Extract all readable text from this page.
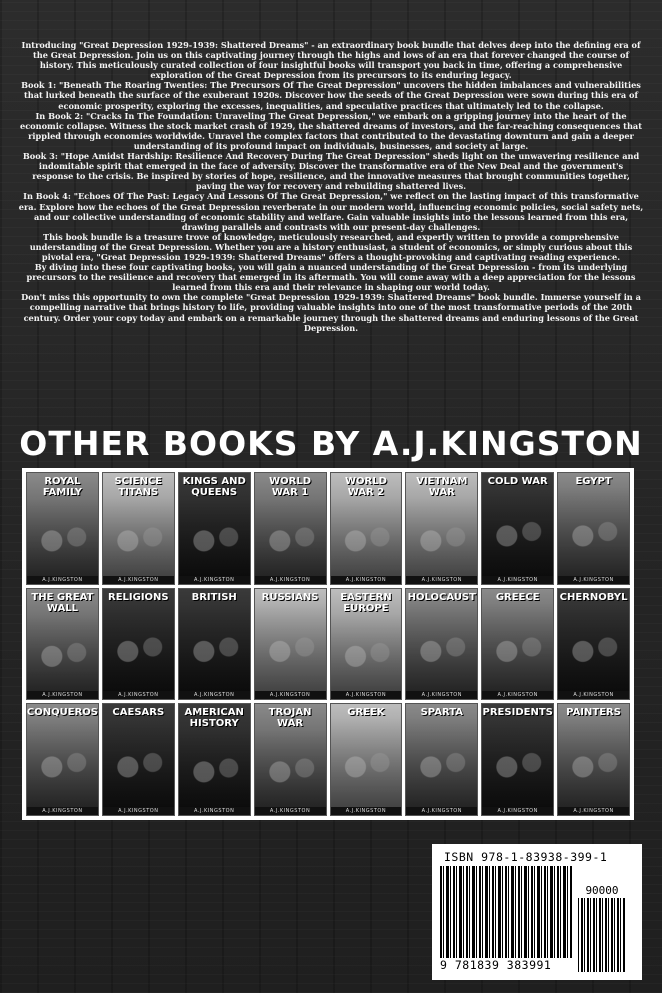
Introducing "Great Depression 1929-1939: Shattered Dreams" - an extraordinary book bundle that delves deep into the defining era of the Great Depression. Join us on this captivating journey through the highs and lows of an era that forever changed the course of history. This meticulously curated collection of four insightful books will transport you back in time, offering a comprehensive exploration of the Great Depression from its precursors to its enduring legacy.

Book 1: "Beneath The Roaring Twenties: The Precursors Of The Great Depression" uncovers the hidden imbalances and vulnerabilities that lurked beneath the surface of the exuberant 1920s. Discover how the seeds of the Great Depression were sown during this era of economic prosperity, exploring the excesses, inequalities, and speculative practices that ultimately led to the collapse.

In Book 2: "Cracks In The Foundation: Unraveling The Great Depression," we embark on a gripping journey into the heart of the economic collapse. Witness the stock market crash of 1929, the shattered dreams of investors, and the far-reaching consequences that rippled through economies worldwide. Unravel the complex factors that contributed to the devastating downturn and gain a deeper understanding of its profound impact on individuals, businesses, and society at large.

Book 3: "Hope Amidst Hardship: Resilience And Recovery During The Great Depression" sheds light on the unwavering resilience and indomitable spirit that emerged in the face of adversity. Discover the transformative era of the New Deal and the government's response to the crisis. Be inspired by stories of hope, resilience, and the innovative measures that brought communities together, paving the way for recovery and rebuilding shattered lives.

In Book 4: "Echoes Of The Past: Legacy And Lessons Of The Great Depression," we reflect on the lasting impact of this transformative era. Explore how the echoes of the Great Depression reverberate in our modern world, influencing economic policies, social safety nets, and our collective understanding of economic stability and welfare. Gain valuable insights into the lessons learned from this era, drawing parallels and contrasts with our present-day challenges.

This book bundle is a treasure trove of knowledge, meticulously researched, and expertly written to provide a comprehensive understanding of the Great Depression. Whether you are a history enthusiast, a student of economics, or simply curious about this pivotal era, "Great Depression 1929-1939: Shattered Dreams" offers a thought-provoking and captivating reading experience.

By diving into these four captivating books, you will gain a nuanced understanding of the Great Depression - from its underlying precursors to the resilience and recovery that emerged in its aftermath. You will come away with a deep appreciation for the lessons learned from this era and their relevance in shaping our world today.

Don't miss this opportunity to own the complete "Great Depression 1929-1939: Shattered Dreams" book bundle. Immerse yourself in a compelling narrative that brings history to life, providing valuable insights into one of the most transformative periods of the 20th century. Order your copy today and embark on a remarkable journey through the shattered dreams and enduring lessons of the Great Depression.

OTHER BOOKS BY A.J.KINGSTON
ROYAL FAMILY
A.J.KINGSTON
SCIENCE TITANS
A.J.KINGSTON
KINGS AND QUEENS
A.J.KINGSTON
WORLD WAR 1
A.J.KINGSTON
WORLD WAR 2
A.J.KINGSTON
VIETNAM WAR
A.J.KINGSTON
COLD WAR
A.J.KINGSTON
EGYPT
A.J.KINGSTON
THE GREAT WALL
A.J.KINGSTON
RELIGIONS
A.J.KINGSTON
BRITISH
A.J.KINGSTON
RUSSIANS
A.J.KINGSTON
EASTERN EUROPE
A.J.KINGSTON
HOLOCAUST
A.J.KINGSTON
GREECE
A.J.KINGSTON
CHERNOBYL
A.J.KINGSTON
CONQUEROS
A.J.KINGSTON
CAESARS
A.J.KINGSTON
AMERICAN HISTORY
A.J.KINGSTON
TROJAN WAR
A.J.KINGSTON
GREEK
A.J.KINGSTON
SPARTA
A.J.KINGSTON
PRESIDENTS
A.J.KINGSTON
PAINTERS
A.J.KINGSTON
ISBN 978-1-83938-399-1
9 781839 383991
90000
